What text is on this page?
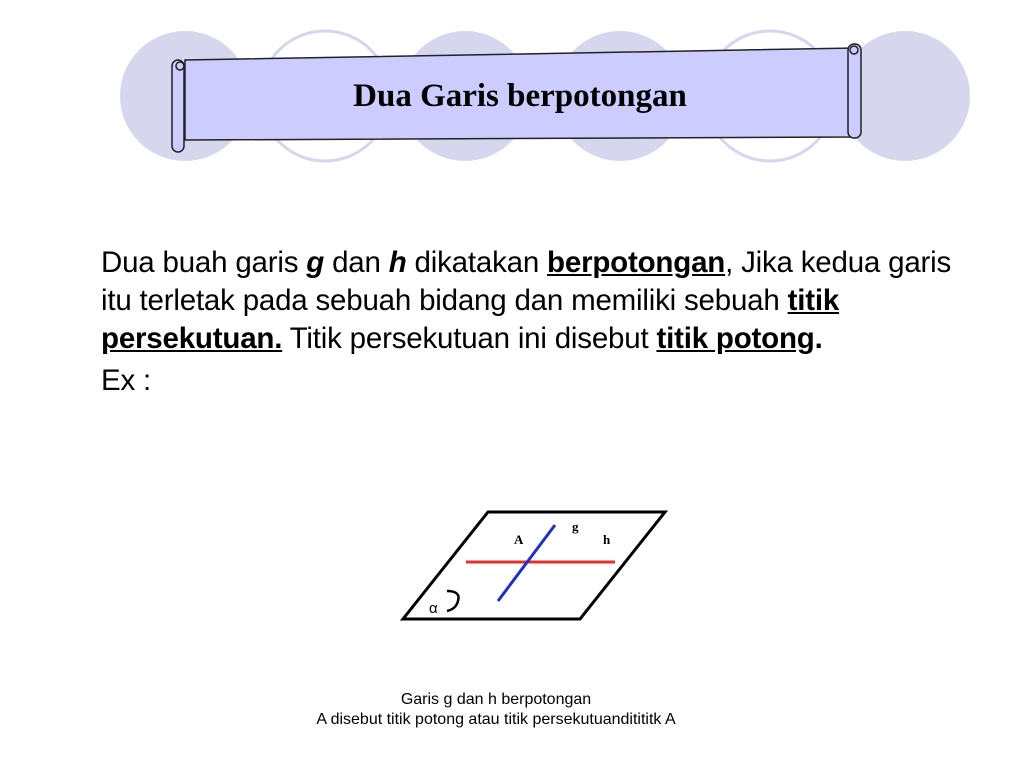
Dua Garis berpotongan

Dua buah garis g dan h dikatakan berpotongan, Jika kedua garis itu terletak pada sebuah bidang dan memiliki sebuah titik persekutuan. Titik persekutuan ini disebut titik potong.

Ex :

A
g
h
α
Garis g dan h berpotongan
A disebut titik potong atau titik persekutuanditititk A
